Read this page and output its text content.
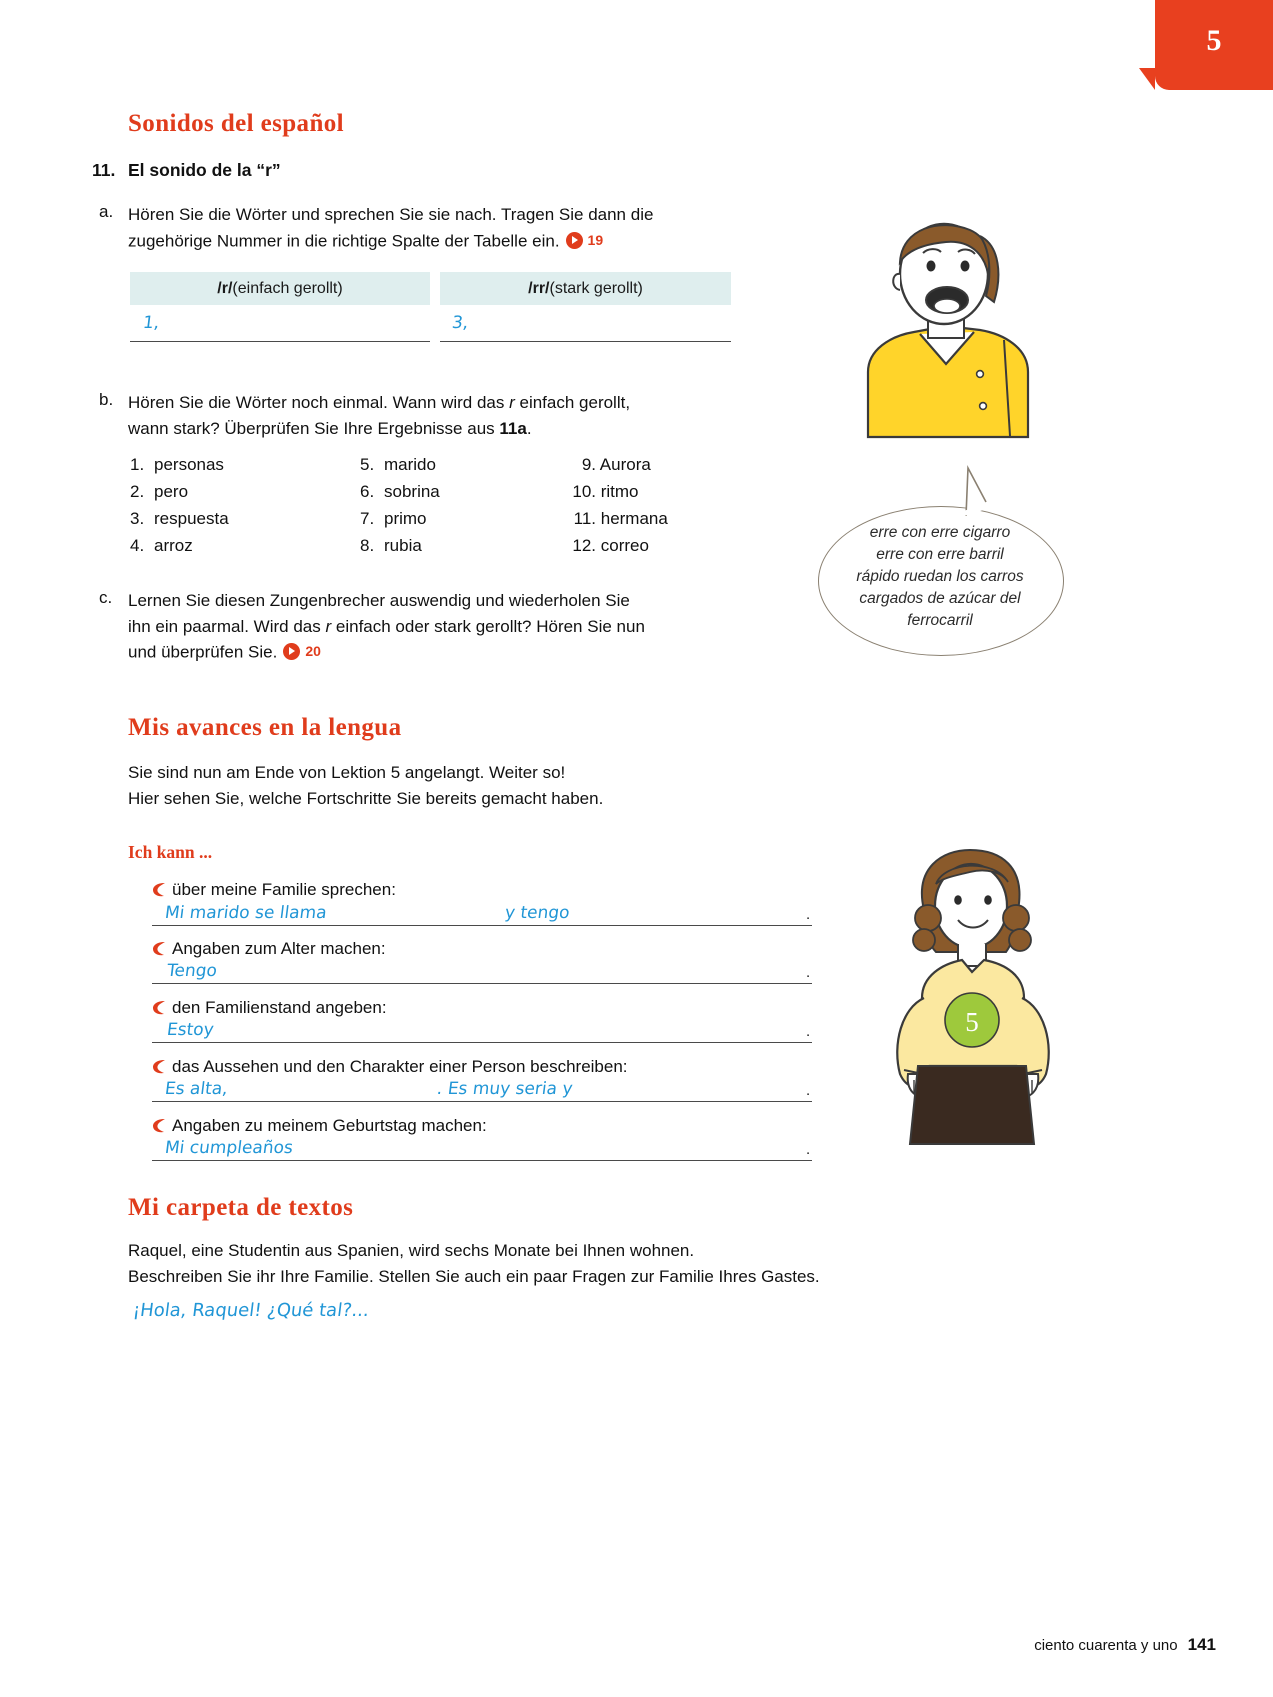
5
Sonidos del español
11. El sonido de la “r”
a. Hören Sie die Wörter und sprechen Sie sie nach. Tragen Sie dann die
zugehörige Nummer in die richtige Spalte der Tabelle ein. 19
/r/ (einfach gerollt)	/rr/ (stark gerollt)
1,	3,
b. Hören Sie die Wörter noch einmal. Wann wird das r einfach gerollt,
wann stark? Überprüfen Sie Ihre Ergebnisse aus 11a.
1. personas
2. pero
3. respuesta
4. arroz
5. marido
6. sobrina
7. primo
8. rubia
9. Aurora
10. ritmo
11. hermana
12. correo
c. Lernen Sie diesen Zungenbrecher auswendig und wiederholen Sie
ihn ein paarmal. Wird das r einfach oder stark gerollt? Hören Sie nun
und überprüfen Sie. 20
erre con erre cigarro
erre con erre barril
rápido ruedan los carros
cargados de azúcar del
ferrocarril
Mis avances en la lengua
Sie sind nun am Ende von Lektion 5 angelangt. Weiter so!
Hier sehen Sie, welche Fortschritte Sie bereits gemacht haben.
Ich kann ...
über meine Familie sprechen:
Mi marido se llama	y tengo	.
Angaben zum Alter machen:
Tengo	.
den Familienstand angeben:
Estoy	.
das Aussehen und den Charakter einer Person beschreiben:
Es alta,	. Es muy seria y	.
Angaben zu meinem Geburtstag machen:
Mi cumpleaños	.
5
Mi carpeta de textos
Raquel, eine Studentin aus Spanien, wird sechs Monate bei Ihnen wohnen.
Beschreiben Sie ihr Ihre Familie. Stellen Sie auch ein paar Fragen zur Familie Ihres Gastes.
¡Hola, Raquel! ¿Qué tal?...
ciento cuarenta y uno 141
